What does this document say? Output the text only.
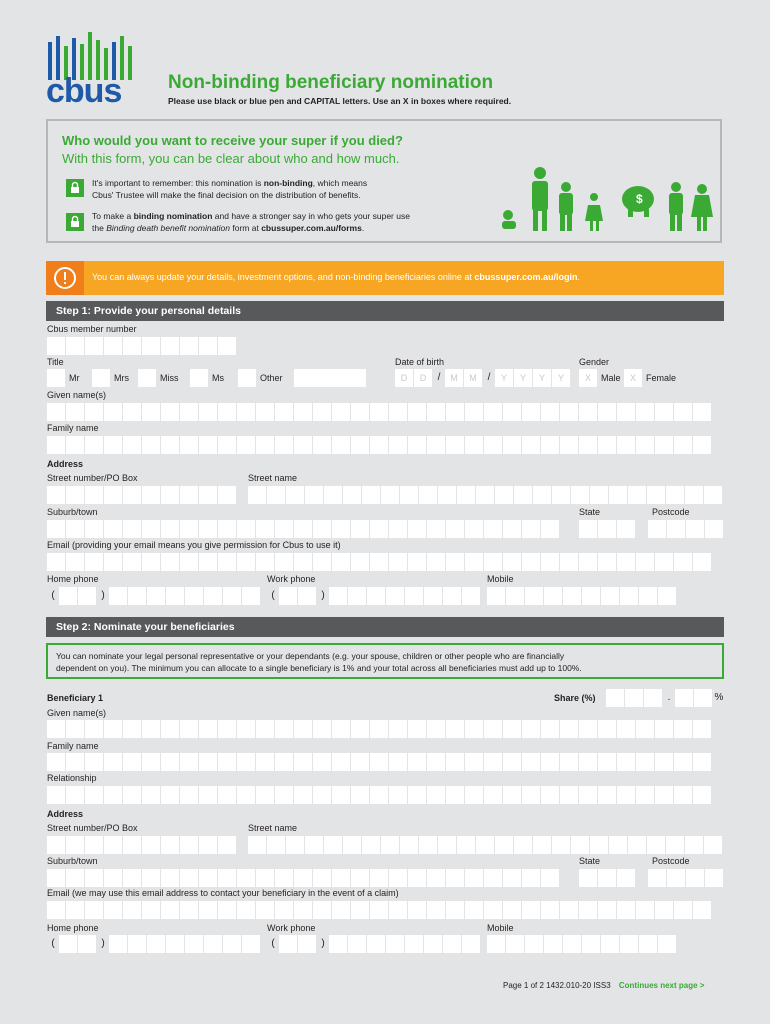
cbus Non-binding beneficiary nomination
Please use black or blue pen and CAPITAL letters. Use an X in boxes where required.
Who would you want to receive your super if you died?
With this form, you can be clear about who and how much.
It's important to remember: this nomination is non-binding, which means
Cbus' Trustee will make the final decision on the distribution of benefits.
To make a binding nomination and have a stronger say in who gets your super use
the Binding death benefit nomination form at cbussuper.com.au/forms.
$
You can always update your details, investment options, and non-binding beneficiaries online at cbussuper.com.au/login.
Step 1: Provide your personal details
Cbus member number
Title
Mr	Mrs	Miss	Ms	Other
Date of birth
D	D	/	M	M	/	Y	Y	Y	Y
Gender
X	Male	X	Female
Given name(s)
Family name
Address
Street number/PO Box	Street name
Suburb/town	State	Postcode
Email (providing your email means you give permission for Cbus to use it)
Home phone	Work phone	Mobile
(	)	(	)
Step 2: Nominate your beneficiaries
You can nominate your legal personal representative or your dependants (e.g. your spouse, children or other people who are financially
dependent on you). The minimum you can allocate to a single beneficiary is 1% and your total across all beneficiaries must add up to 100%.
Beneficiary 1	Share (%)	.	%
Given name(s)
Family name
Relationship
Address
Street number/PO Box	Street name
Suburb/town	State	Postcode
Email (we may use this email address to contact your beneficiary in the event of a claim)
Home phone	Work phone	Mobile
(	)	(	)
Page 1 of 2 1432.010-20 ISS3 Continues next page >
